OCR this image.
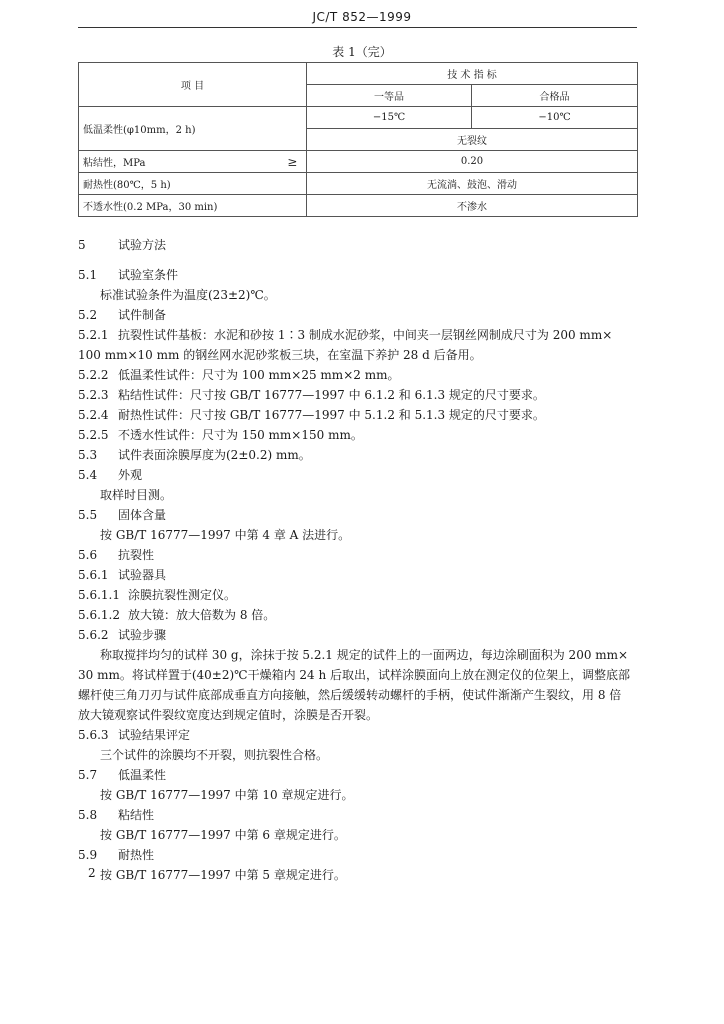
JC/T 852—1999
表 1（完）
项 目		技 术 指 标	
		一等品	合格品
低温柔性(φ10mm，2 h)		−15℃	−10℃
		无裂纹	
粘结性，MPa	≥	0.20	
耐热性(80℃，5 h)		无流淌、鼓泡、滑动	
不透水性(0.2 MPa，30 min)		不渗水	
5	试验方法
5.1 试验室条件
标准试验条件为温度(23±2)℃。
5.2 试件制备
5.2.1 抗裂性试件基板：水泥和砂按 1∶3 制成水泥砂浆，中间夹一层钢丝网制成尺寸为 200 mm×
100 mm×10 mm 的钢丝网水泥砂浆板三块，在室温下养护 28 d 后备用。
5.2.2 低温柔性试件：尺寸为 100 mm×25 mm×2 mm。
5.2.3 粘结性试件：尺寸按 GB/T 16777—1997 中 6.1.2 和 6.1.3 规定的尺寸要求。
5.2.4 耐热性试件：尺寸按 GB/T 16777—1997 中 5.1.2 和 5.1.3 规定的尺寸要求。
5.2.5 不透水性试件：尺寸为 150 mm×150 mm。
5.3 试件表面涂膜厚度为(2±0.2) mm。
5.4 外观
取样时目测。
5.5 固体含量
按 GB/T 16777—1997 中第 4 章 A 法进行。
5.6 抗裂性
5.6.1 试验器具
5.6.1.1 涂膜抗裂性测定仪。
5.6.1.2 放大镜：放大倍数为 8 倍。
5.6.2 试验步骤
称取搅拌均匀的试样 30 g，涂抹于按 5.2.1 规定的试件上的一面两边，每边涂刷面积为 200 mm×
30 mm。将试样置于(40±2)℃干燥箱内 24 h 后取出，试样涂膜面向上放在测定仪的位架上，调整底部
螺杆使三角刀刃与试件底部成垂直方向接触，然后缓缓转动螺杆的手柄，使试件渐渐产生裂纹，用 8 倍
放大镜观察试件裂纹宽度达到规定值时，涂膜是否开裂。
5.6.3 试验结果评定
三个试件的涂膜均不开裂，则抗裂性合格。
5.7 低温柔性
按 GB/T 16777—1997 中第 10 章规定进行。
5.8 粘结性
按 GB/T 16777—1997 中第 6 章规定进行。
5.9 耐热性
按 GB/T 16777—1997 中第 5 章规定进行。
2
